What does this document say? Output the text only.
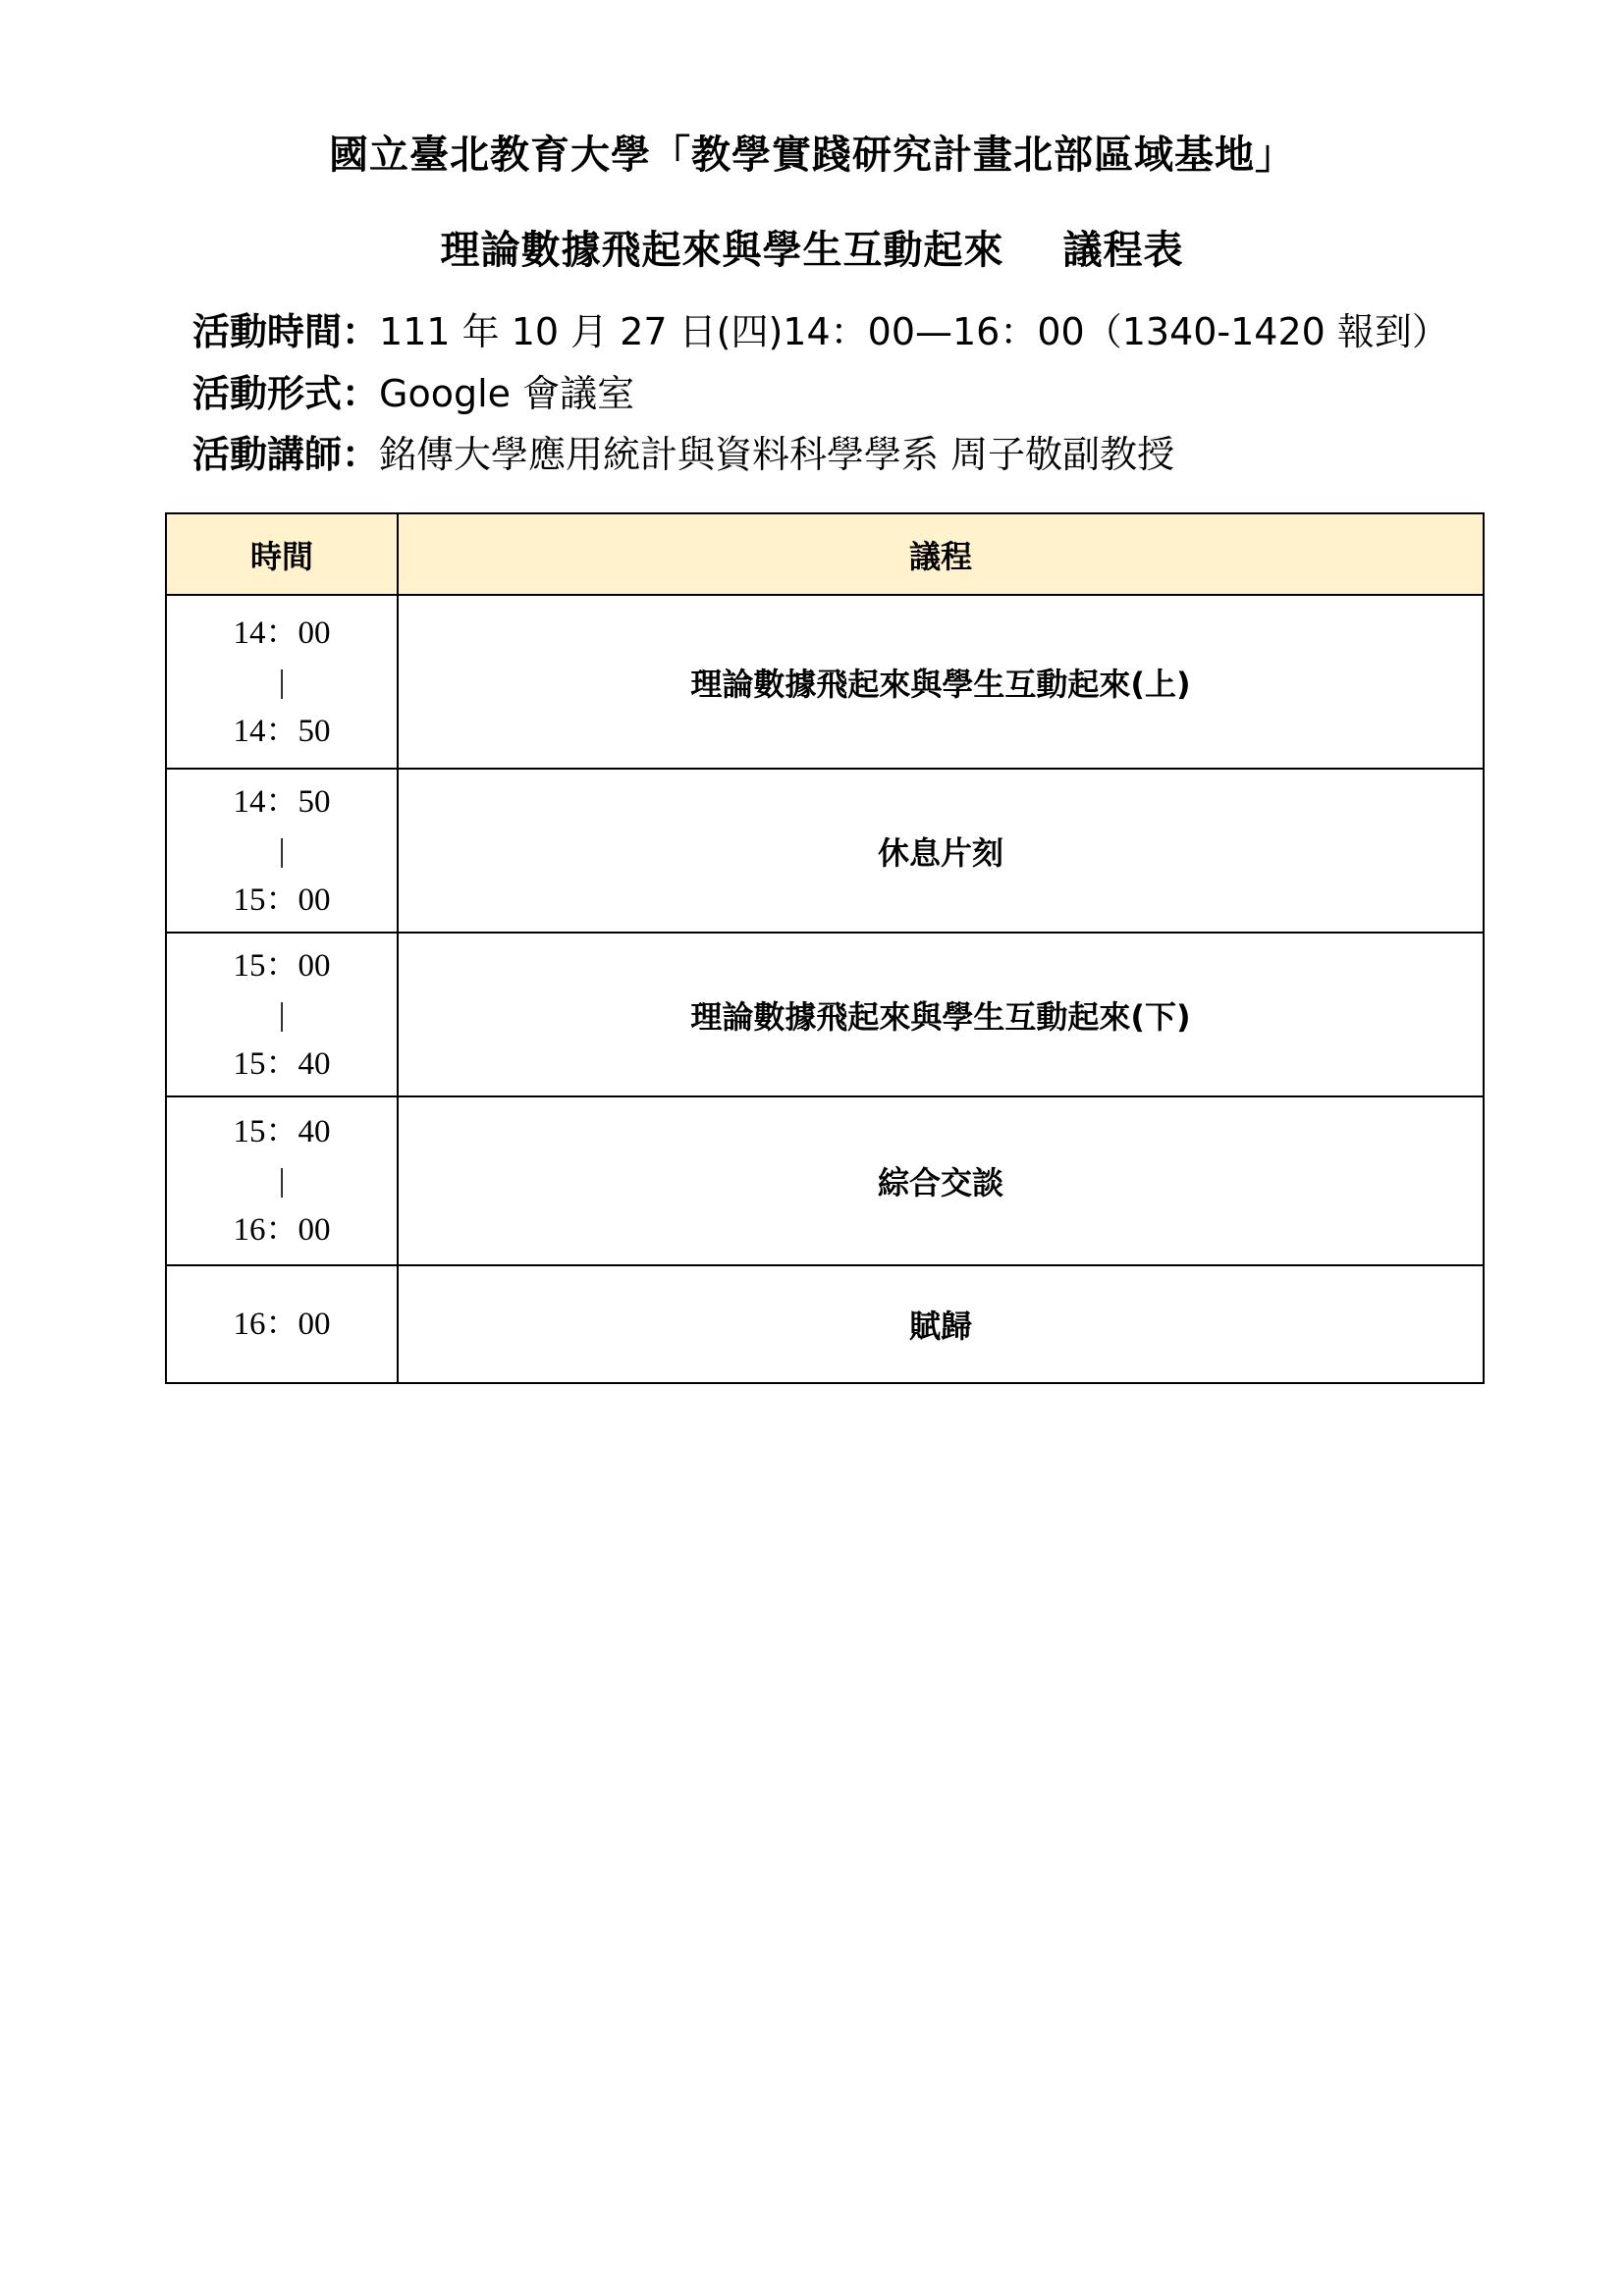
國立臺北教育大學「教學實踐研究計畫北部區域基地」
理論數據飛起來與學生互動起來 議程表
活動時間：111 年 10 月 27 日(四)14：00—16：00（1340-1420 報到）
活動形式：Google 會議室
活動講師：銘傳大學應用統計與資料科學學系 周子敬副教授
時間	議程

14：00
|
14：50	理論數據飛起來與學生互動起來(上)

14：50
|
15：00	休息片刻

15：00
|
15：40	理論數據飛起來與學生互動起來(下)

15：40
|
16：00	綜合交談

16：00	賦歸
